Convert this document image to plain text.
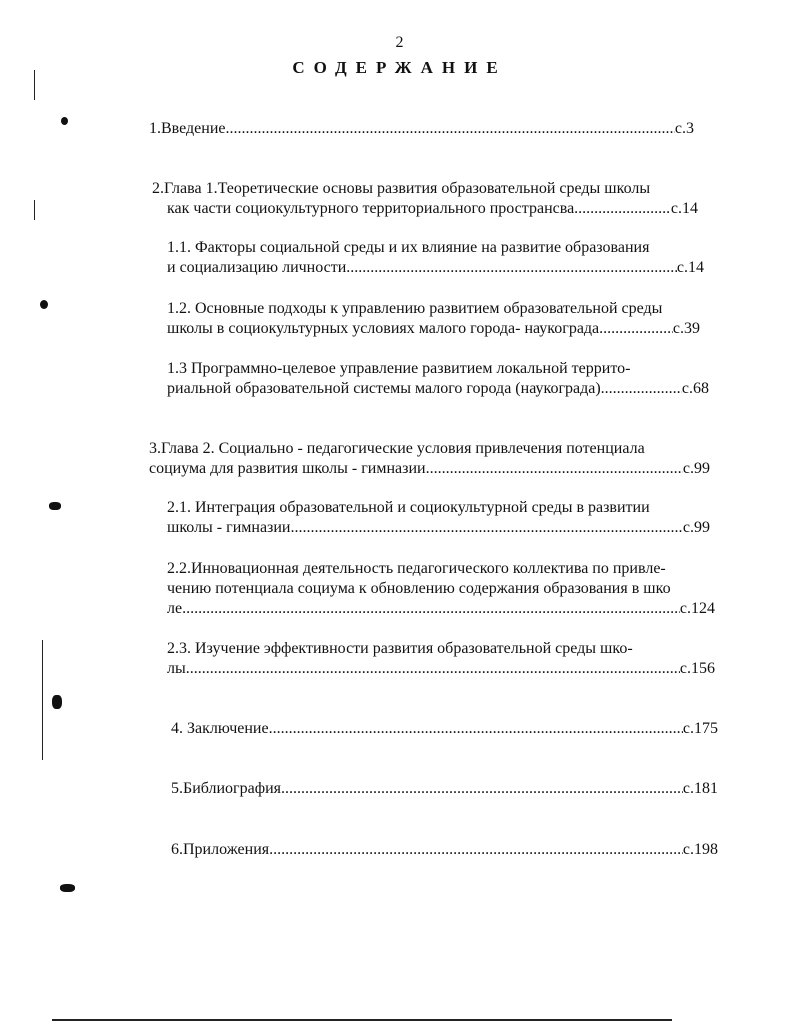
2
СОДЕРЖАНИЕ
1.Введение .....	с.3
2.Глава 1.Теоретические основы развития образовательной среды школы
как части социокультурного территориального пространсва .....	с.14
1.1. Факторы социальной среды и их влияние на развитие образования
и социализацию личности .....	с.14
1.2. Основные подходы к управлению развитием образовательной среды
школы в социокультурных условиях малого города- наукограда .....	с.39
1.3 Программно-целевое управление развитием локальной террито-
риальной образовательной системы малого города (наукограда) .....	с.68
3.Глава 2. Социально - педагогические условия привлечения потенциала
социума для развития школы - гимназии .....	с.99
2.1. Интеграция образовательной и социокультурной среды в развитии
школы - гимназии .....	с.99
2.2.Инновационная деятельность педагогического коллектива по привле-
чению потенциала социума к обновлению содержания образования в шко
ле .....	с.124
2.3. Изучение эффективности развития образовательной среды шко-
лы .....	с.156
4. Заключение .....	с.175
5.Библиография .....	с.181
6.Приложения .....	с.198
